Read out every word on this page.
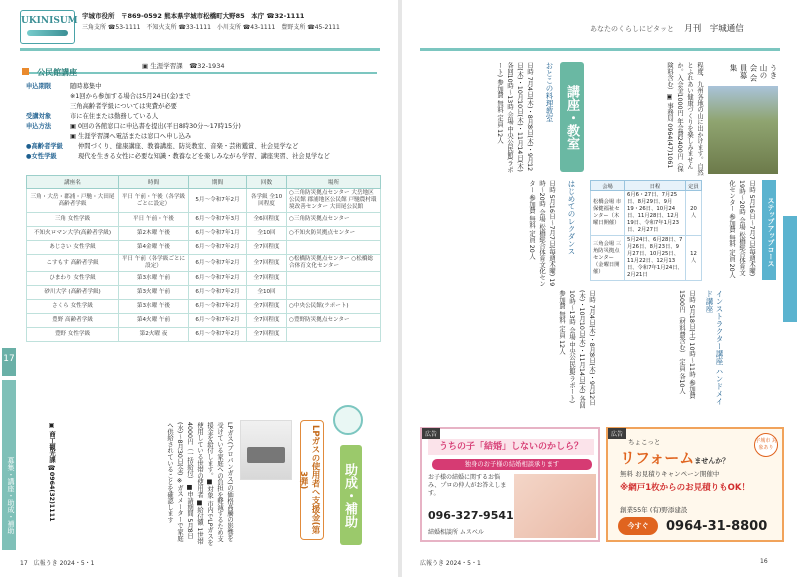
UKINISUM 宇城市役所　〒869-0592 熊本県宇城市松橋町大野85　本庁 ☎32-1111
三角支所 ☎53-1111　不知火支所 ☎33-1111　小川支所 ☎43-1111　豊野支所 ☎45-2111
公民館講座
▣ 生涯学習課　☎32-1934
申込期限	随時募集中
※1回から参加する場合は5月24日(金)まで
三角高齢者学級については実費が必要
受講対象	市に在住または勤務している人
申込方法	▣ 0回の各館窓口に申込書を提出(平日8時30分～17時15分)
▣ 生涯学習課へ電話または窓口へ申し込み
●高齢者学級	仲間づくり、健康講座、教養講座、防災教室、音楽・芸術鑑賞、社会見学など
●女性学級	現代を生きる女性に必要な知識・教養などを楽しみながら学習、講座実習、社会見学など
講座名	時間	期間	回数	場所
三角・大岳・郡浦・戸馳・大田尾 高齢者学級	平日 午前・午後（各学級ごとに設定）	5月～令和7年2月	各学級 全10回程度	○三角防災拠点センター 大岳地区公民館 郡浦地区公民館 戸馳農村環境改善センター 大田尾公民館
三角 女性学級	平日 午前・午後	6月～令和7年3月	全6回程度	○三角防災拠点センター
不知火ロマン大学(高齢者学級)	第2木曜 午後	6月～令和7年1月	全10回	○不知火防災拠点センター
あじさい 女性学級	第4金曜 午後	6月～令和7年2月	全7回程度	
こすもす 高齢者学級	平日 午前（各学級ごとに設定）	6月～令和7年2月	全7回程度	○松橋防災拠点センター ○松橋総合体育文化センター
ひまわり 女性学級	第3水曜 午前	6月～令和7年2月	全7回程度	
砂川大学 (高齢者学級)	第3火曜 午前	6月～令和7年2月	全10回	
さくら 女性学級	第3水曜 午後	6月～令和7年2月	全7回程度	○中央公民館(ラポート)
豊野 高齢者学級	第4火曜 午前	6月～令和7年2月	全7回程度	○豊野防災拠点センター
豊野 女性学級	第2火曜 夜	6月～令和7年2月	全7回程度	
助成・補助
LPガスの使用者へ支援金(第3弾)
LPガス(プロパンガス)の価格高騰の影響を受けている家庭への負担を軽減するため支援金を給付します。■対象 市内でLPガスを使用している世帯の使用者 ■給付額 1世帯4000円（一括給付） ■申請期間 5月8日(水)～8月30日(金) ※ガスメーターで家庭へ供給されていることを確認します
▣ 商工観光課 ☎0964(32)1111
17
募集・講座・助成・補助
17　 広報うき 2024・5・1
あなたのくらしにピタッと 月刊　宇城通信
講座・教室
うき山の会 会員募集
程度、九州各地の山に出かけます。自然とふれあい健康づくりを楽しみませんか。入会金1000円 年会費2400円（保険料含む）▣ 事務局 0964(47)1061
おとこの料理教室
日時 7月4日(木)・8月8日(木)・9月12日(木)・10月10日(木)・11月14日(木) 各回10時～13時 会場 中央公民館(ラポート) 参加費 無料 定員 12人
ステップアップコース
日時 5月16日～7月7日(毎週木曜) 19時～20時 会場 松橋総合体育文化センター 参加費 無料 定員 20人
会場	日程	定員
松橋会場 市保健福祉センター（木曜日開催）	6月6・27日、7月25日、8月29日、9月19・26日、10月24日、11月28日、12月19日、令和7年1月23日、2月27日	20人
三角会場 三角防災拠点センター（金曜日開催）	5月24日、6月28日、7月26日、8月23日、9月27日、10月25日、11月22日、12月13日、令和7年1月24日、2月21日	12人
はじめてのレクダンス
日時 5月16日～7月7日(毎週木曜) 19時～20時 会場 松橋総合体育文化センター 参加費 無料 定員 20人
インストラクター講座 ハンドメイド講座
日時 5月18日(土) 10時～11時 参加費 1500円（材料費含む） 定員 各10人
日時 7月4日(木)・8月8日(木)・9月12日(木)・10月10日(木)・11月14日(木) 各回10時～13時 会場 中央公民館(ラポート) 参加費 無料 定員 12人
広告
うちの子「結婚」しないのかしら？
独身のお子様の結婚相談承ります
お子様の結婚に関するお悩み、プロの仲人がお答えします。
096-327-9541
結婚相談所 ムスベル
広告
ちょこっと
リフォームませんか？
無料 お見積りキャンペーン開催中
※網戸1枚からのお見積りもOK！
創業55年 (有)野添建設
今すぐ	0964-31-8800
宇城市 対象あり
広報うき 2024・5・1	16
